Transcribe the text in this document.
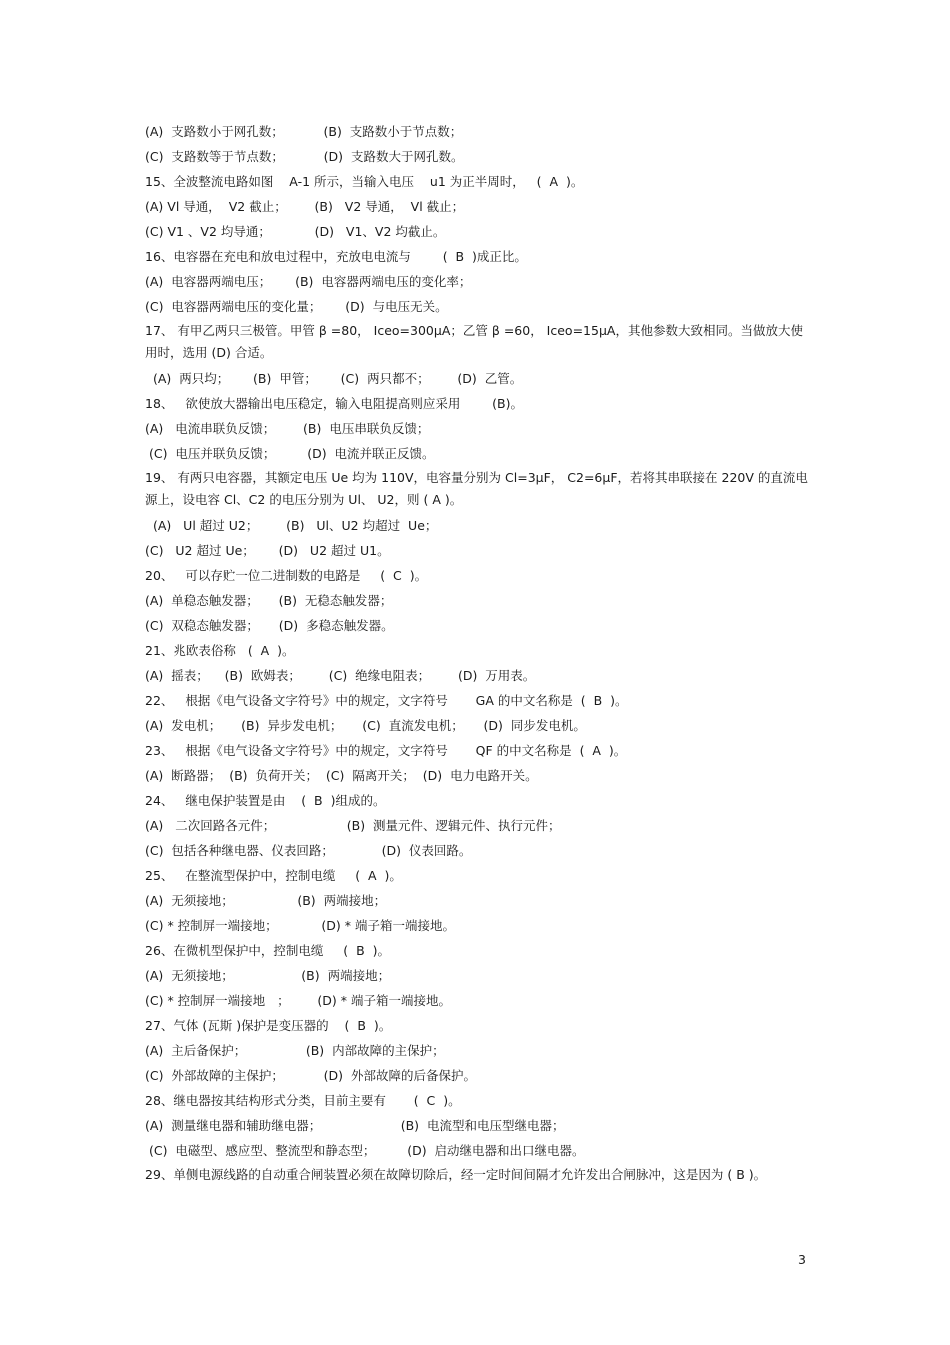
(A)  支路数小于网孔数；          (B)  支路数小于节点数；
(C)  支路数等于节点数；          (D)  支路数大于网孔数。
15、全波整流电路如图    A-1 所示，当输入电压    u1 为正半周时，   (  A  )。
(A) Vl 导通，  V2 截止；       (B)   V2 导通，  Vl 截止；
(C) V1 、V2 均导通；           (D)   V1、V2 均截止。
16、电容器在充电和放电过程中，充放电电流与        (  B  )成正比。
(A)  电容器两端电压；      (B)  电容器两端电压的变化率；
(C)  电容器两端电压的变化量；      (D)  与电压无关。
17、 有甲乙两只三极管。甲管 β =80， Ⅰceo=300μA；乙管 β =60， Ⅰceo=15μA，其他参数大致相同。当做放大使用时，选用 (D) 合适。
(A)  两只均；      (B)  甲管；      (C)  两只都不；       (D)  乙管。
18、   欲使放大器输出电压稳定，输入电阻提高则应采用        (B)。
(A)   电流串联负反馈；       (B)  电压串联负反馈；
(C)  电压并联负反馈；        (D)  电流并联正反馈。
19、 有两只电容器，其额定电压 Ue 均为 110V，电容量分别为 Cl=3μF， C2=6μF，若将其串联接在 220V 的直流电源上，设电容 Cl、C2 的电压分别为 Ul、 U2，则 ( A )。
(A)   Ul 超过 U2；       (B)   Ul、U2 均超过  Ue；
(C)   U2 超过 Ue；      (D)   U2 超过 U1。
20、   可以存贮一位二进制数的电路是     (  C  )。
(A)  单稳态触发器；     (B)  无稳态触发器；
(C)  双稳态触发器；     (D)  多稳态触发器。
21、兆欧表俗称   (  A  )。
(A)  摇表；    (B)  欧姆表；       (C)  绝缘电阻表；       (D)  万用表。
22、   根据《电气设备文字符号》中的规定，文字符号       GA 的中文名称是  (  B  )。
(A)  发电机；     (B)  异步发电机；     (C)  直流发电机；     (D)  同步发电机。
23、   根据《电气设备文字符号》中的规定，文字符号       QF 的中文名称是  (  A  )。
(A)  断路器；  (B)  负荷开关；  (C)  隔离开关；  (D)  电力电路开关。
24、   继电保护装置是由    (  B  )组成的。
(A)   二次回路各元件；                  (B)  测量元件、逻辑元件、执行元件；
(C)  包括各种继电器、仪表回路；            (D)  仪表回路。
25、   在整流型保护中，控制电缆     (  A  )。
(A)  无须接地；                (B)  两端接地；
(C) * 控制屏一端接地；           (D) * 端子箱一端接地。
26、在微机型保护中，控制电缆     (  B  )。
(A)  无须接地；                 (B)  两端接地；
(C) * 控制屏一端接地   ；       (D) * 端子箱一端接地。
27、气体 (瓦斯 )保护是变压器的    (  B  )。
(A)  主后备保护；               (B)  内部故障的主保护；
(C)  外部故障的主保护；          (D)  外部故障的后备保护。
28、继电器按其结构形式分类，目前主要有       (  C  )。
(A)  测量继电器和辅助继电器；                    (B)  电流型和电压型继电器；
(C)  电磁型、感应型、整流型和静态型；        (D)  启动继电器和出口继电器。
29、单侧电源线路的自动重合闸装置必须在故障切除后，经一定时间间隔才允许发出合闸脉冲，这是因为 ( B )。
3
